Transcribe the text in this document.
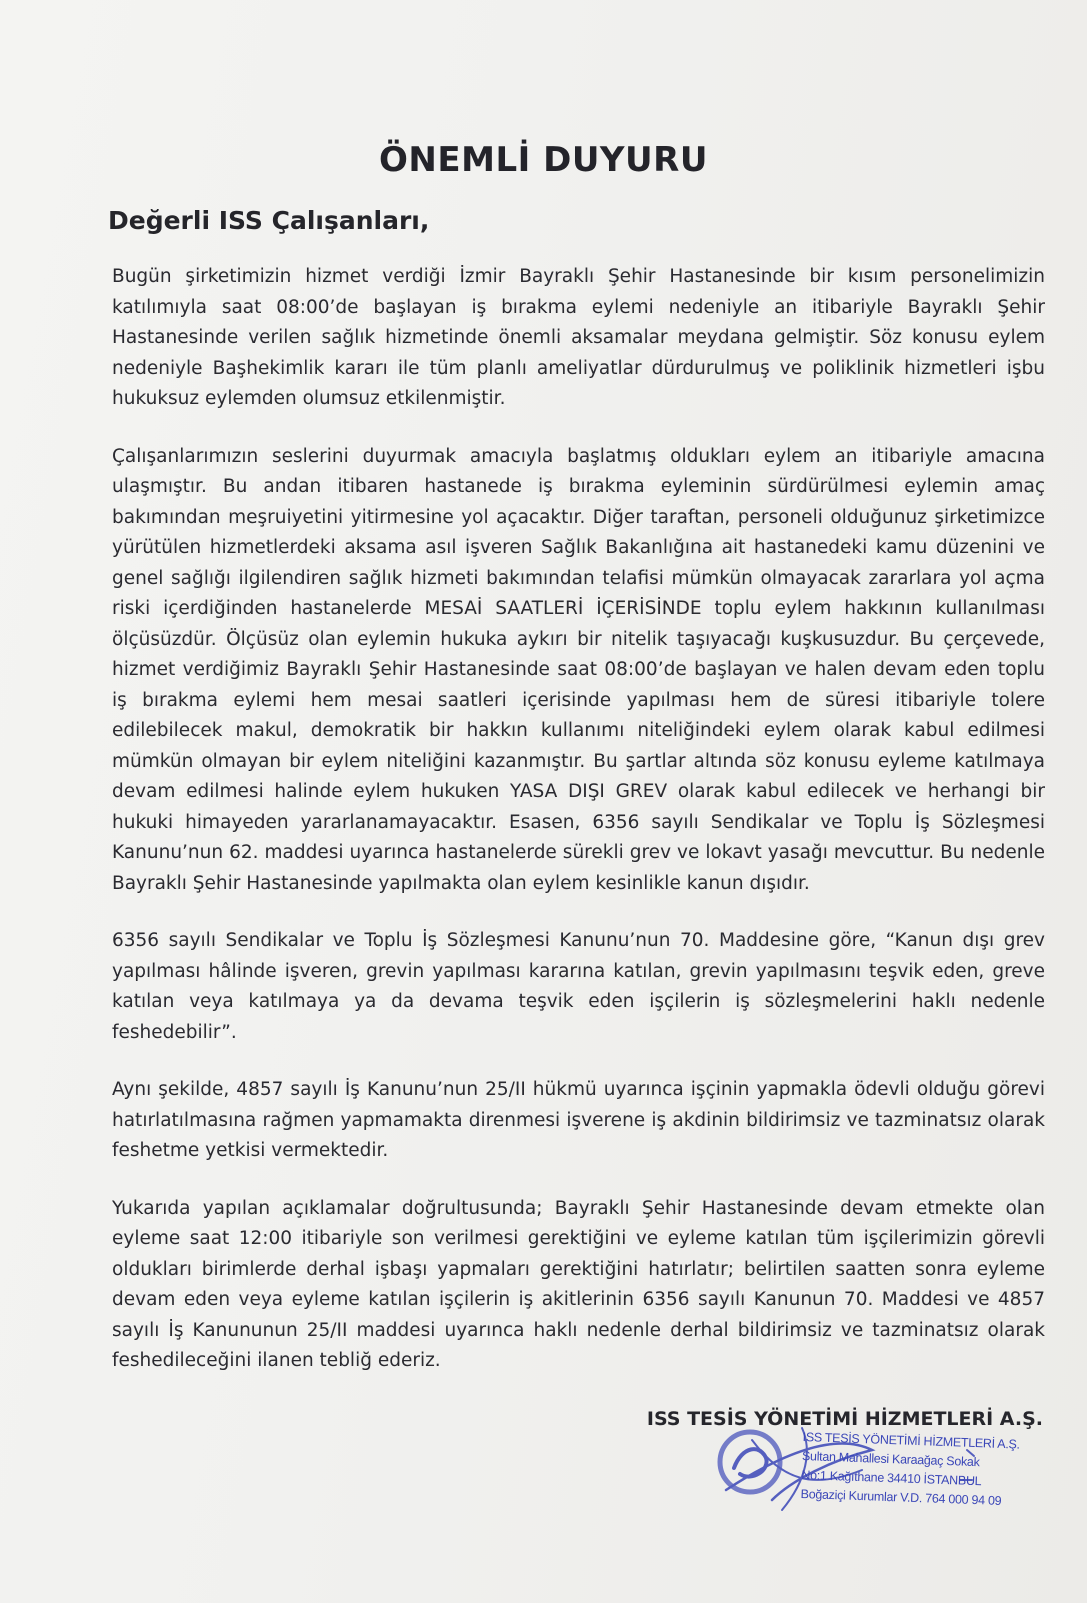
ÖNEMLİ DUYURU
Değerli ISS Çalışanları,

Bugün şirketimizin hizmet verdiği İzmir Bayraklı Şehir Hastanesinde bir kısım personelimizin katılımıyla saat 08:00’de başlayan iş bırakma eylemi nedeniyle an itibariyle Bayraklı Şehir Hastanesinde verilen sağlık hizmetinde önemli aksamalar meydana gelmiştir. Söz konusu eylem nedeniyle Başhekimlik kararı ile tüm planlı ameliyatlar dürdurulmuş ve poliklinik hizmetleri işbu hukuksuz eylemden olumsuz etkilenmiştir.

Çalışanlarımızın seslerini duyurmak amacıyla başlatmış oldukları eylem an itibariyle amacına ulaşmıştır. Bu andan itibaren hastanede iş bırakma eyleminin sürdürülmesi eylemin amaç bakımından meşruiyetini yitirmesine yol açacaktır. Diğer taraftan, personeli olduğunuz şirketimizce yürütülen hizmetlerdeki aksama asıl işveren Sağlık Bakanlığına ait hastanedeki kamu düzenini ve genel sağlığı ilgilendiren sağlık hizmeti bakımından telafisi mümkün olmayacak zararlara yol açma riski içerdiğinden hastanelerde MESAİ SAATLERİ İÇERİSİNDE toplu eylem hakkının kullanılması ölçüsüzdür. Ölçüsüz olan eylemin hukuka aykırı bir nitelik taşıyacağı kuşkusuzdur. Bu çerçevede, hizmet verdiğimiz Bayraklı Şehir Hastanesinde saat 08:00’de başlayan ve halen devam eden toplu iş bırakma eylemi hem mesai saatleri içerisinde yapılması hem de süresi itibariyle tolere edilebilecek makul, demokratik bir hakkın kullanımı niteliğindeki eylem olarak kabul edilmesi mümkün olmayan bir eylem niteliğini kazanmıştır. Bu şartlar altında söz konusu eyleme katılmaya devam edilmesi halinde eylem hukuken YASA DIŞI GREV olarak kabul edilecek ve herhangi bir hukuki himayeden yararlanamayacaktır. Esasen, 6356 sayılı Sendikalar ve Toplu İş Sözleşmesi Kanunu’nun 62. maddesi uyarınca hastanelerde sürekli grev ve lokavt yasağı mevcuttur. Bu nedenle Bayraklı Şehir Hastanesinde yapılmakta olan eylem kesinlikle kanun dışıdır.

6356 sayılı Sendikalar ve Toplu İş Sözleşmesi Kanunu’nun 70. Maddesine göre, “Kanun dışı grev yapılması hâlinde işveren, grevin yapılması kararına katılan, grevin yapılmasını teşvik eden, greve katılan veya katılmaya ya da devama teşvik eden işçilerin iş sözleşmelerini haklı nedenle feshedebilir”.

Aynı şekilde, 4857 sayılı İş Kanunu’nun 25/II hükmü uyarınca işçinin yapmakla ödevli olduğu görevi hatırlatılmasına rağmen yapmamakta direnmesi işverene iş akdinin bildirimsiz ve tazminatsız olarak feshetme yetkisi vermektedir.

Yukarıda yapılan açıklamalar doğrultusunda; Bayraklı Şehir Hastanesinde devam etmekte olan eyleme saat 12:00 itibariyle son verilmesi gerektiğini ve eyleme katılan tüm işçilerimizin görevli oldukları birimlerde derhal işbaşı yapmaları gerektiğini hatırlatır; belirtilen saatten sonra eyleme devam eden veya eyleme katılan işçilerin iş akitlerinin 6356 sayılı Kanunun 70. Maddesi ve 4857 sayılı İş Kanununun 25/II maddesi uyarınca haklı nedenle derhal bildirimsiz ve tazminatsız olarak feshedileceğini ilanen tebliğ ederiz.

ISS TESİS YÖNETİMİ HİZMETLERİ A.Ş.
ISS TESİS YÖNETİMİ HİZMETLERİ A.Ş.
Sultan Mahallesi Karaağaç Sokak
No:1 Kağıthane 34410 İSTANBUL
Boğaziçi Kurumlar V.D. 764 000 94 09
